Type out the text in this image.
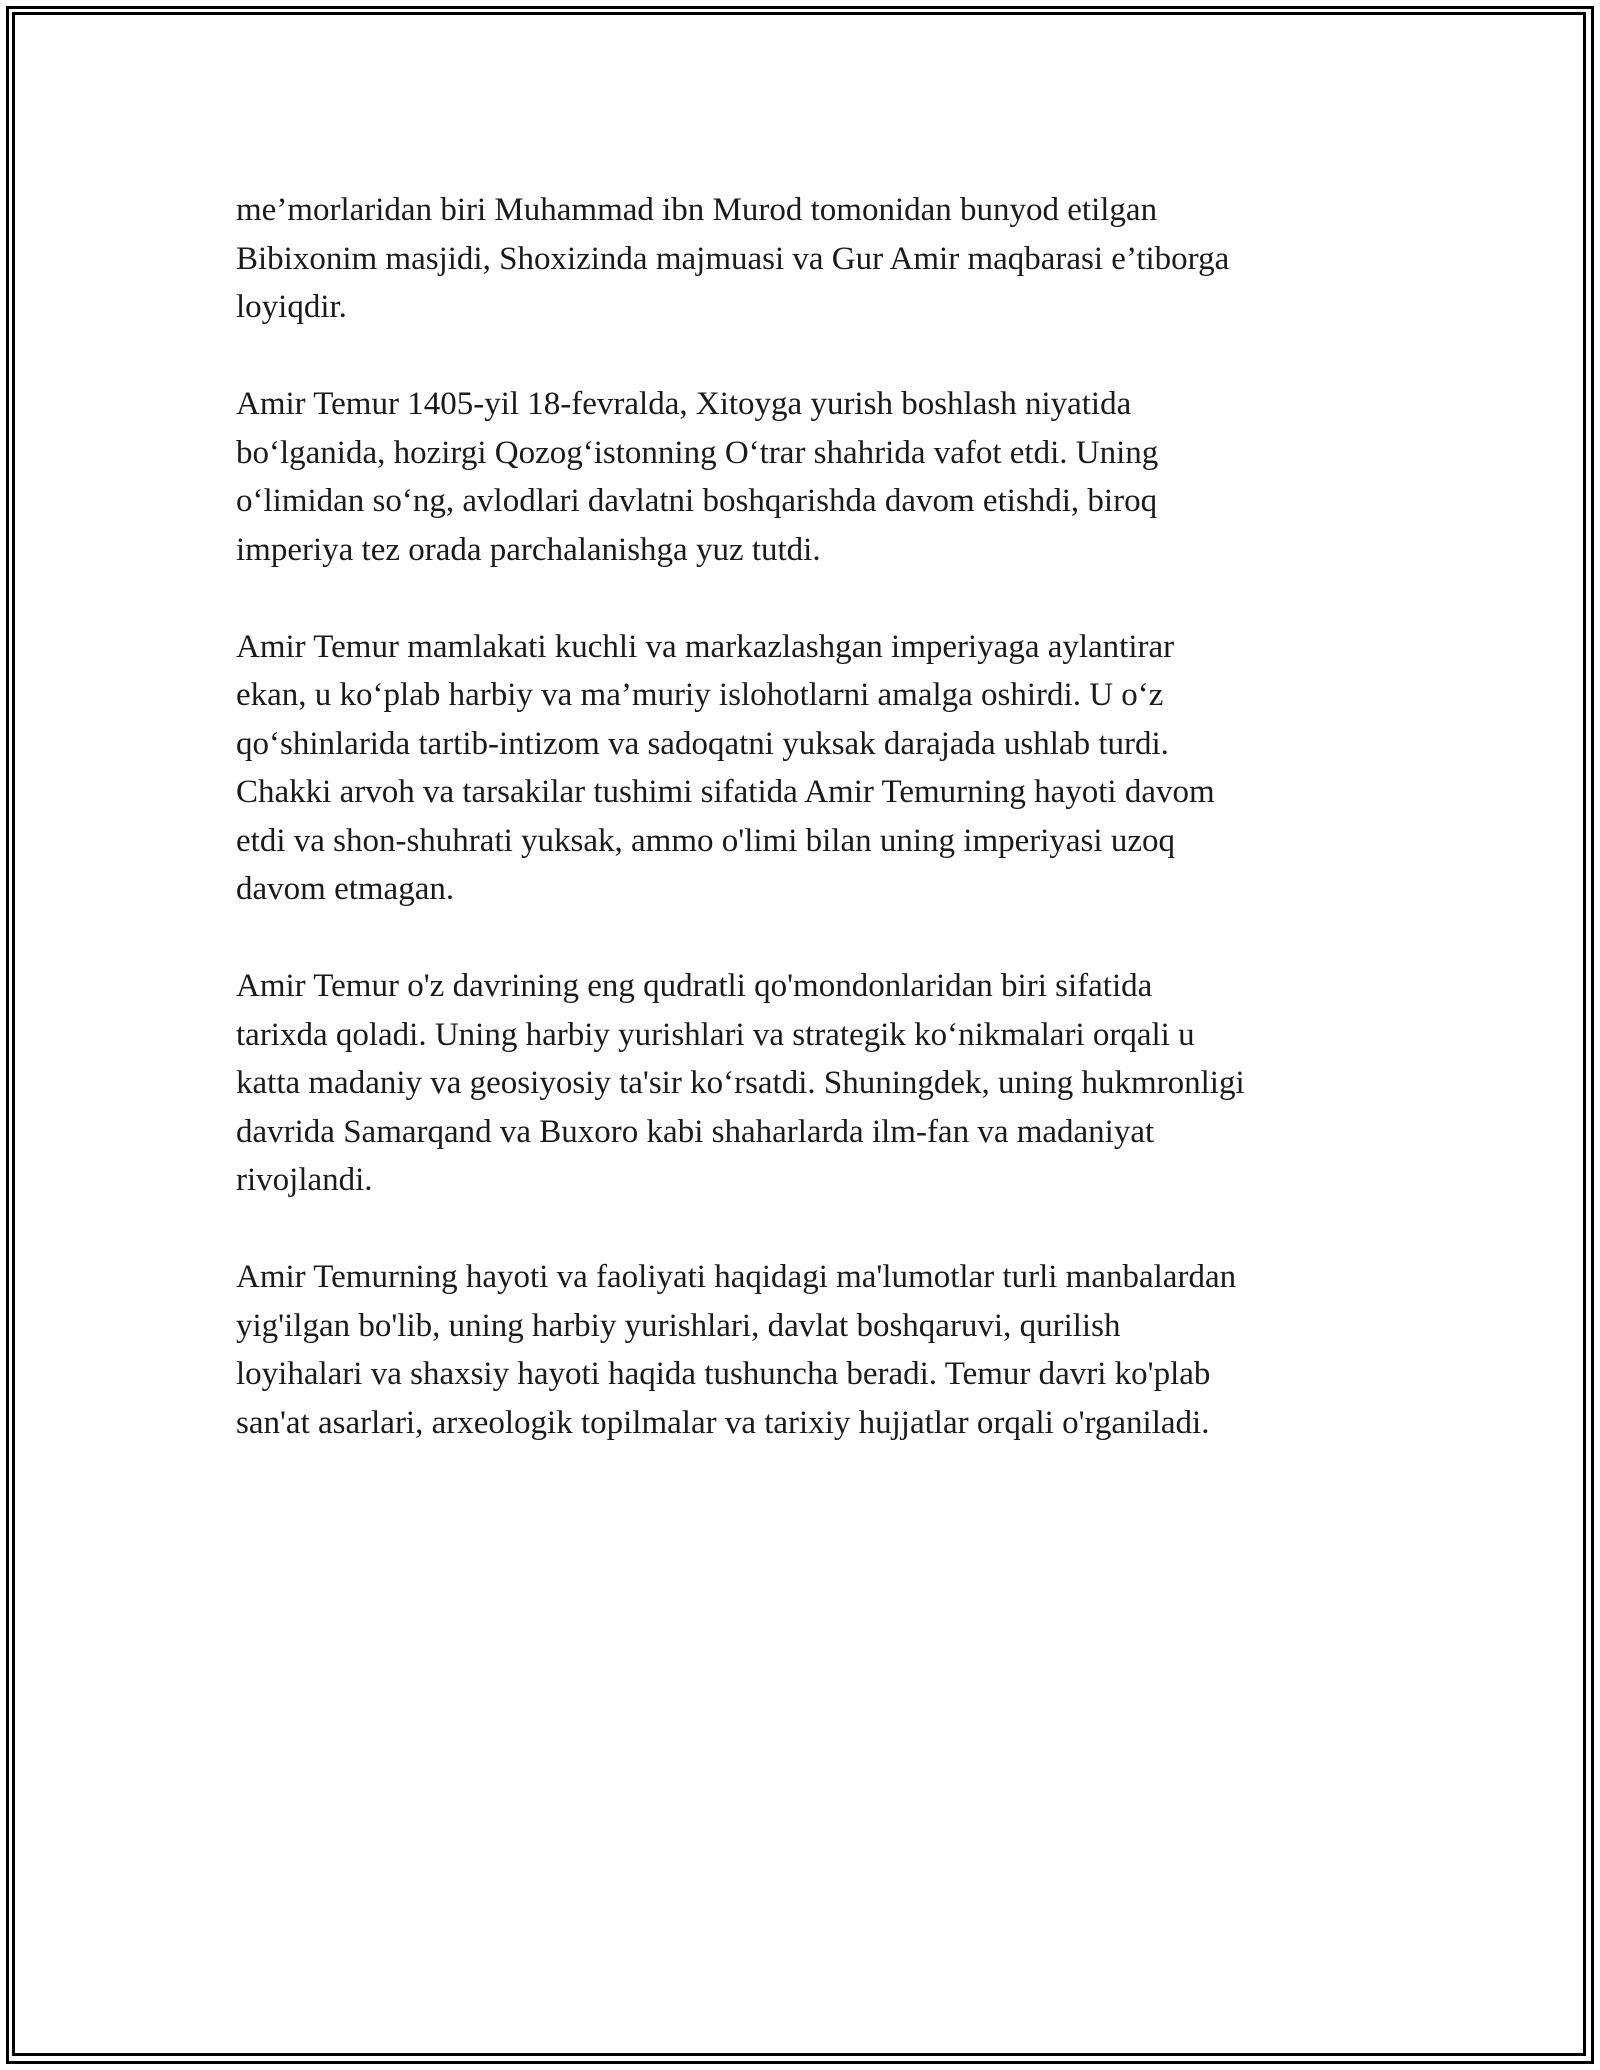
me’morlaridan biri Muhammad ibn Murod tomonidan bunyod etilgan
Bibixonim masjidi, Shoxizinda majmuasi va Gur Amir maqbarasi e’tiborga
loyiqdir.

Amir Temur 1405-yil 18-fevralda, Xitoyga yurish boshlash niyatida
bo‘lganida, hozirgi Qozog‘istonning O‘trar shahrida vafot etdi. Uning
o‘limidan so‘ng, avlodlari davlatni boshqarishda davom etishdi, biroq
imperiya tez orada parchalanishga yuz tutdi.

Amir Temur mamlakati kuchli va markazlashgan imperiyaga aylantirar
ekan, u ko‘plab harbiy va ma’muriy islohotlarni amalga oshirdi. U o‘z
qo‘shinlarida tartib-intizom va sadoqatni yuksak darajada ushlab turdi.
Chakki arvoh va tarsakilar tushimi sifatida Amir Temurning hayoti davom
etdi va shon-shuhrati yuksak, ammo o'limi bilan uning imperiyasi uzoq
davom etmagan.

Amir Temur o'z davrining eng qudratli qo'mondonlaridan biri sifatida
tarixda qoladi. Uning harbiy yurishlari va strategik ko‘nikmalari orqali u
katta madaniy va geosiyosiy ta'sir ko‘rsatdi. Shuningdek, uning hukmronligi
davrida Samarqand va Buxoro kabi shaharlarda ilm-fan va madaniyat
rivojlandi.

Amir Temurning hayoti va faoliyati haqidagi ma'lumotlar turli manbalardan
yig'ilgan bo'lib, uning harbiy yurishlari, davlat boshqaruvi, qurilish
loyihalari va shaxsiy hayoti haqida tushuncha beradi. Temur davri ko'plab
san'at asarlari, arxeologik topilmalar va tarixiy hujjatlar orqali o'rganiladi.
